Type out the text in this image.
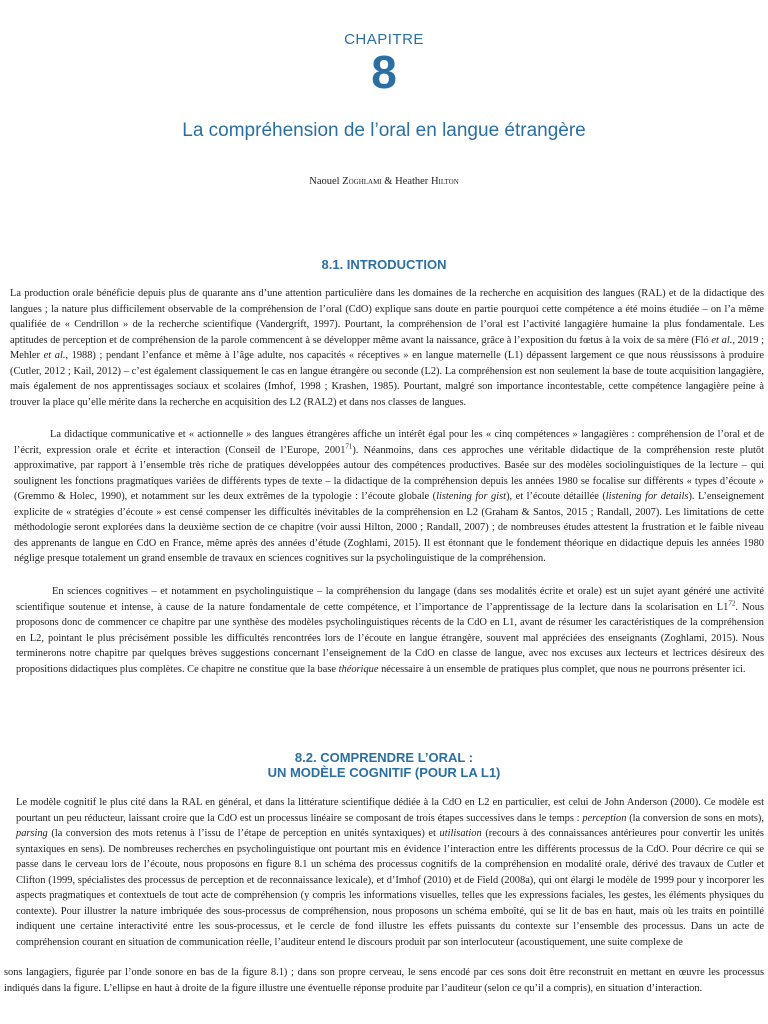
CHAPITRE
8
La compréhension de l’oral en langue étrangère
Naouel Zoghlami & Heather Hilton
8.1. INTRODUCTION
La production orale bénéficie depuis plus de quarante ans d’une attention particulière dans les domaines de la recherche en acquisition des langues (RAL) et de la didactique des langues ; la nature plus difficilement observable de la compréhension de l’oral (CdO) explique sans doute en partie pourquoi cette compétence a été moins étudiée – on l’a même qualifiée de « Cendrillon » de la recherche scientifique (Vandergrift, 1997). Pourtant, la compréhension de l’oral est l’activité langagière humaine la plus fondamentale. Les aptitudes de perception et de compréhension de la parole commencent à se développer même avant la naissance, grâce à l’exposition du fœtus à la voix de sa mère (Fló et al., 2019 ; Mehler et al., 1988) ; pendant l’enfance et même à l’âge adulte, nos capacités « réceptives » en langue maternelle (L1) dépassent largement ce que nous réussissons à produire (Cutler, 2012 ; Kail, 2012) – c’est également classiquement le cas en langue étrangère ou seconde (L2). La compréhension est non seulement la base de toute acquisition langagière, mais également de nos apprentissages sociaux et scolaires (Imhof, 1998 ; Krashen, 1985). Pourtant, malgré son importance incontestable, cette compétence langagière peine à trouver la place qu’elle mérite dans la recherche en acquisition des L2 (RAL2) et dans nos classes de langues.
La didactique communicative et « actionnelle » des langues étrangères affiche un intérêt égal pour les « cinq compétences » langagières : compréhension de l’oral et de l’écrit, expression orale et écrite et interaction (Conseil de l’Europe, 2001$^{71}$). Néanmoins, dans ces approches une véritable didactique de la compréhension reste plutôt approximative, par rapport à l’ensemble très riche de pratiques développées autour des compétences productives. Basée sur des modèles sociolinguistiques de la lecture – qui soulignent les fonctions pragmatiques variées de différents types de texte – la didactique de la compréhension depuis les années 1980 se focalise sur différents « types d’écoute » (Gremmo & Holec, 1990), et notamment sur les deux extrêmes de la typologie : l’écoute globale (listening for gist), et l’écoute détaillée (listening for details). L’enseignement explicite de « stratégies d’écoute » est censé compenser les difficultés inévitables de la compréhension en L2 (Graham & Santos, 2015 ; Randall, 2007). Les limitations de cette méthodologie seront explorées dans la deuxième section de ce chapitre (voir aussi Hilton, 2000 ; Randall, 2007) ; de nombreuses études attestent la frustration et le faible niveau des apprenants de langue en CdO en France, même après des années d’étude (Zoghlami, 2015). Il est étonnant que le fondement théorique en didactique depuis les années 1980 néglige presque totalement un grand ensemble de travaux en sciences cognitives sur la psycholinguistique de la compréhension.
En sciences cognitives – et notamment en psycholinguistique – la compréhension du langage (dans ses modalités écrite et orale) est un sujet ayant généré une activité scientifique soutenue et intense, à cause de la nature fondamentale de cette compétence, et l’importance de l’apprentissage de la lecture dans la scolarisation en $L1^{72}$. Nous proposons donc de commencer ce chapitre par une synthèse des modèles psycholinguistiques récents de la CdO en L1, avant de résumer les caractéristiques de la compréhension en L2, pointant le plus précisément possible les difficultés rencontrées lors de l’écoute en langue étrangère, souvent mal appréciées des enseignants (Zoghlami, 2015). Nous terminerons notre chapitre par quelques brèves suggestions concernant l’enseignement de la CdO en classe de langue, avec nos excuses aux lecteurs et lectrices désireux des propositions didactiques plus complètes. Ce chapitre ne constitue que la base théorique nécessaire à un ensemble de pratiques plus complet, que nous ne pourrons présenter ici.
8.2. COMPRENDRE L’ORAL :
UN MODÈLE COGNITIF (POUR LA L1)
Le modèle cognitif le plus cité dans la RAL en général, et dans la littérature scientifique dédiée à la CdO en L2 en particulier, est celui de John Anderson (2000). Ce modèle est pourtant un peu réducteur, laissant croire que la CdO est un processus linéaire se composant de trois étapes successives dans le temps : perception (la conversion de sons en mots), parsing (la conversion des mots retenus à l’issu de l’étape de perception en unités syntaxiques) et utilisation (recours à des connaissances antérieures pour convertir les unités syntaxiques en sens). De nombreuses recherches en psycholinguistique ont pourtant mis en évidence l’interaction entre les différents processus de la CdO. Pour décrire ce qui se passe dans le cerveau lors de l’écoute, nous proposons en figure 8.1 un schéma des processus cognitifs de la compréhension en modalité orale, dérivé des travaux de Cutler et Clifton (1999, spécialistes des processus de perception et de reconnaissance lexicale), et d’Imhof (2010) et de Field (2008a), qui ont élargi le modèle de 1999 pour y incorporer les aspects pragmatiques et contextuels de tout acte de compréhension (y compris les informations visuelles, telles que les expressions faciales, les gestes, les éléments physiques du contexte). Pour illustrer la nature imbriquée des sous-processus de compréhension, nous proposons un schéma emboîté, qui se lit de bas en haut, mais où les traits en pointillé indiquent une certaine interactivité entre les sous-processus, et le cercle de fond illustre les effets puissants du contexte sur l’ensemble des processus. Dans un acte de compréhension courant en situation de communication réelle, l’auditeur entend le discours produit par son interlocuteur (acoustiquement, une suite complexe de
sons langagiers, figurée par l’onde sonore en bas de la figure 8.1) ; dans son propre cerveau, le sens encodé par ces sons doit être reconstruit en mettant en œuvre les processus indiqués dans la figure. L’ellipse en haut à droite de la figure illustre une éventuelle réponse produite par l’auditeur (selon ce qu’il a compris), en situation d’interaction.
